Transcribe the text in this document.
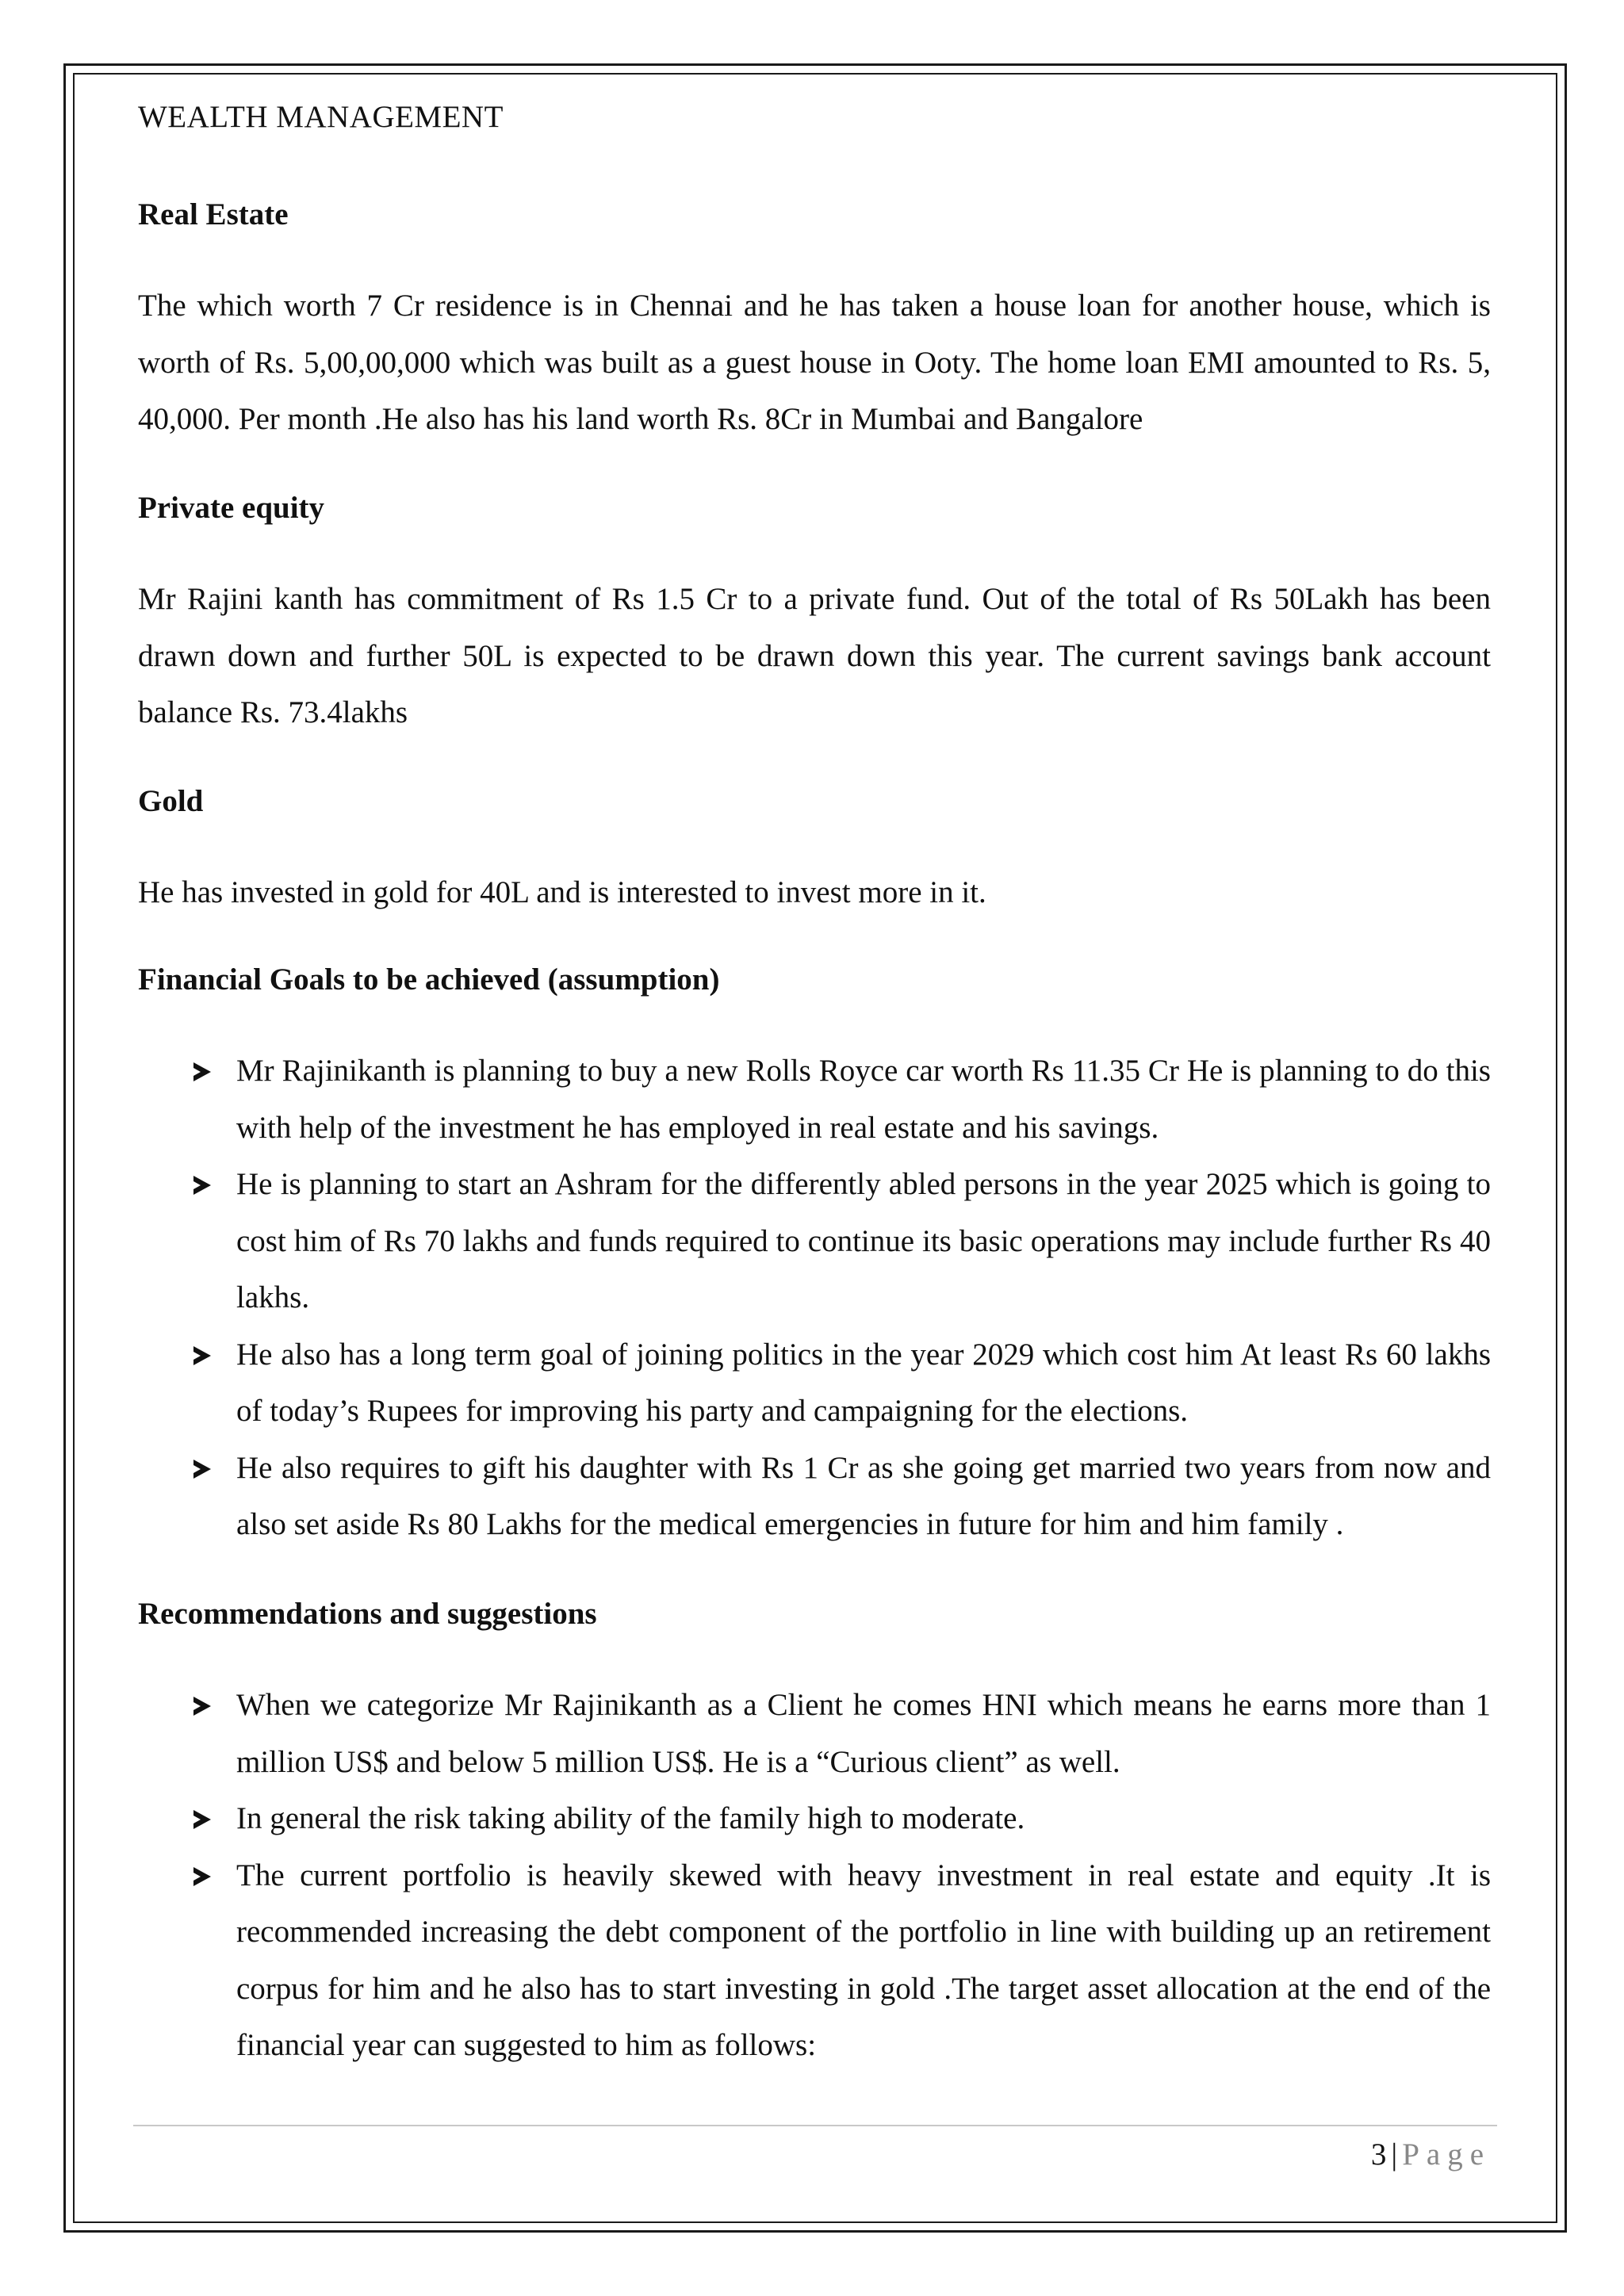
WEALTH MANAGEMENT
Real Estate

The which worth 7 Cr residence is in Chennai and he has taken a house loan for another house, which is worth of Rs. 5,00,00,000 which was built as a guest house in Ooty. The home loan EMI amounted to Rs. 5, 40,000. Per month .He also has his land worth Rs. 8Cr in Mumbai and Bangalore

Private equity

Mr Rajini kanth has commitment of Rs 1.5 Cr to a private fund. Out of the total of Rs 50Lakh has been drawn down and further 50L is expected to be drawn down this year. The current savings bank account balance Rs. 73.4lakhs

Gold

He has invested in gold for 40L and is interested to invest more in it.

Financial Goals to be achieved (assumption)
Mr Rajinikanth is planning to buy a new Rolls Royce car worth Rs 11.35 Cr He is planning to do this with help of the investment he has employed in real estate and his savings.
He is planning to start an Ashram for the differently abled persons in the year 2025 which is going to cost him of Rs 70 lakhs and funds required to continue its basic operations may include further Rs 40 lakhs.
He also has a long term goal of joining politics in the year 2029 which cost him At least Rs 60 lakhs of today’s Rupees for improving his party and campaigning for the elections.
He also requires to gift his daughter with Rs 1 Cr as she going get married two years from now and also set aside Rs 80 Lakhs for the medical emergencies in future for him and him family .
Recommendations and suggestions
When we categorize Mr Rajinikanth as a Client he comes HNI which means he earns more than 1 million US$ and below 5 million US$. He is a “Curious client” as well.
In general the risk taking ability of the family high to moderate.
The current portfolio is heavily skewed with heavy investment in real estate and equity .It is recommended increasing the debt component of the portfolio in line with building up an retirement corpus for him and he also has to start investing in gold .The target asset allocation at the end of the financial year can suggested to him as follows:
3 | Page
